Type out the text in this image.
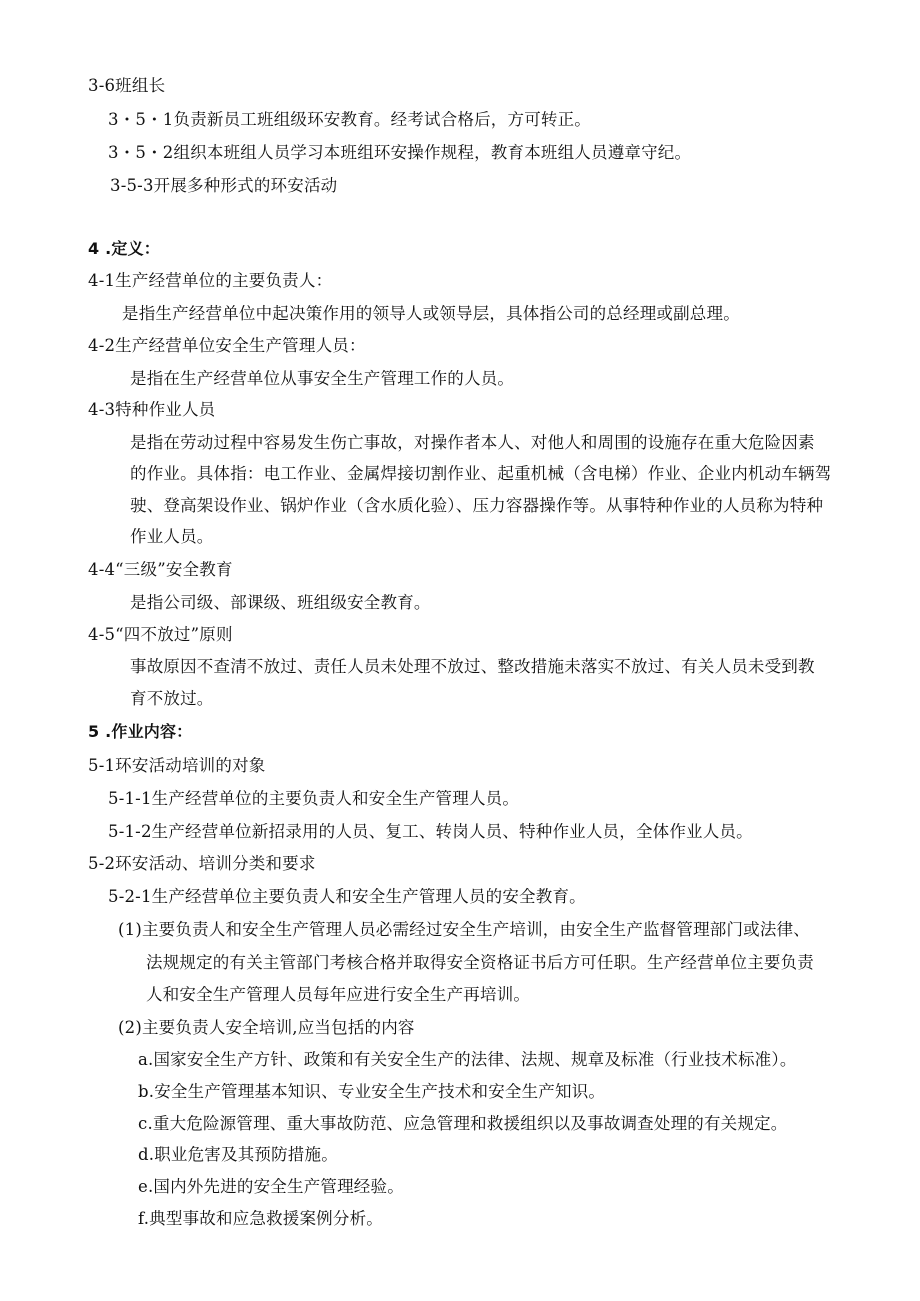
3-6班组长
3・5・1负责新员工班组级环安教育。经考试合格后，方可转正。
3・5・2组织本班组人员学习本班组环安操作规程，教育本班组人员遵章守纪。
3-5-3开展多种形式的环安活动
4 .定义：
4-1生产经营单位的主要负责人：
是指生产经营单位中起决策作用的领导人或领导层，具体指公司的总经理或副总理。
4-2生产经营单位安全生产管理人员：
是指在生产经营单位从事安全生产管理工作的人员。
4-3特种作业人员
是指在劳动过程中容易发生伤亡事故，对操作者本人、对他人和周围的设施存在重大危险因素
的作业。具体指：电工作业、金属焊接切割作业、起重机械（含电梯）作业、企业内机动车辆驾
驶、登高架设作业、锅炉作业（含水质化验）、压力容器操作等。从事特种作业的人员称为特种
作业人员。
4-4“三级”安全教育
是指公司级、部课级、班组级安全教育。
4-5“四不放过”原则
事故原因不查清不放过、责任人员未处理不放过、整改措施未落实不放过、有关人员未受到教
育不放过。
5 .作业内容：
5-1环安活动培训的对象
5-1-1生产经营单位的主要负责人和安全生产管理人员。
5-1-2生产经营单位新招录用的人员、复工、转岗人员、特种作业人员，全体作业人员。
5-2环安活动、培训分类和要求
5-2-1生产经营单位主要负责人和安全生产管理人员的安全教育。
(1)主要负责人和安全生产管理人员必需经过安全生产培训，由安全生产监督管理部门或法律、
法规规定的有关主管部门考核合格并取得安全资格证书后方可任职。生产经营单位主要负责
人和安全生产管理人员每年应进行安全生产再培训。
(2)主要负责人安全培训,应当包括的内容
a.国家安全生产方针、政策和有关安全生产的法律、法规、规章及标准（行业技术标准）。
b.安全生产管理基本知识、专业安全生产技术和安全生产知识。
c.重大危险源管理、重大事故防范、应急管理和救援组织以及事故调查处理的有关规定。
d.职业危害及其预防措施。
e.国内外先进的安全生产管理经验。
f.典型事故和应急救援案例分析。
